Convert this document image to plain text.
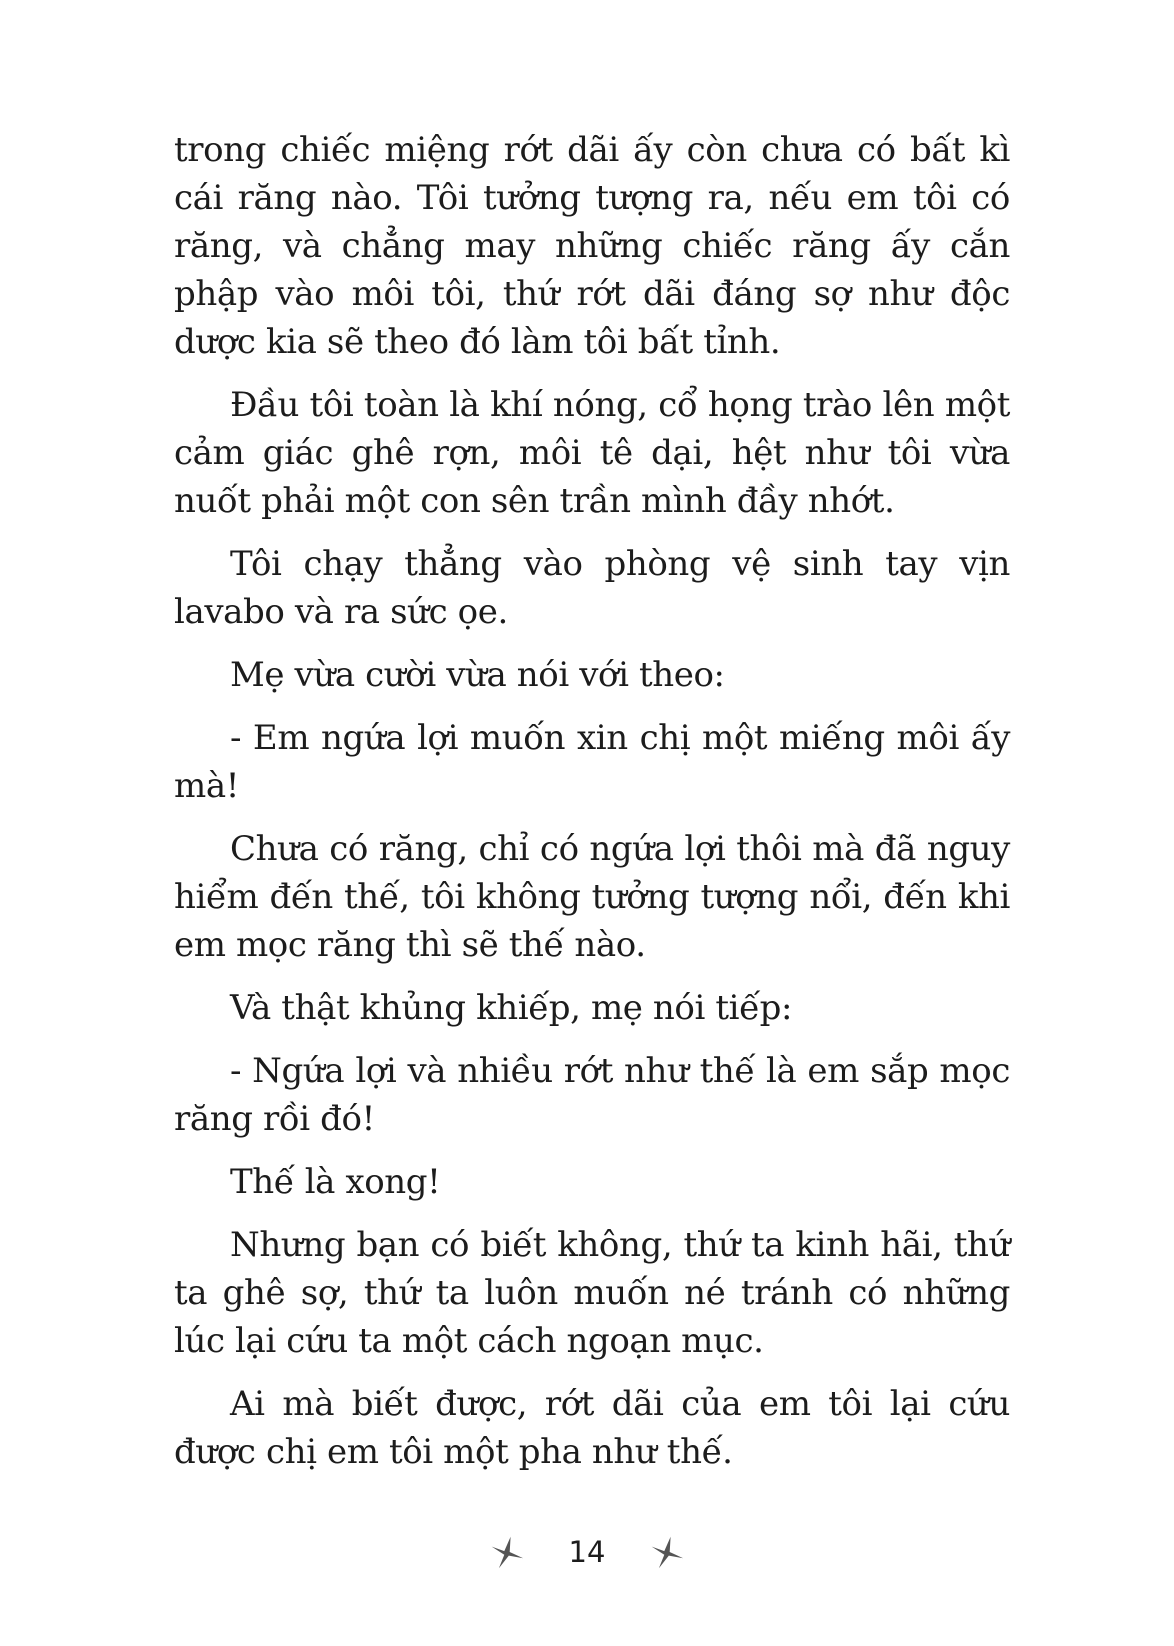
trong chiếc miệng rớt dãi ấy còn chưa có bất kì cái răng nào. Tôi tưởng tượng ra, nếu em tôi có răng, và chẳng may những chiếc răng ấy cắn phập vào môi tôi, thứ rớt dãi đáng sợ như độc dược kia sẽ theo đó làm tôi bất tỉnh.

Đầu tôi toàn là khí nóng, cổ họng trào lên một cảm giác ghê rợn, môi tê dại, hệt như tôi vừa nuốt phải một con sên trần mình đầy nhớt.

Tôi chạy thẳng vào phòng vệ sinh tay vịn lavabo và ra sức ọe.

Mẹ vừa cười vừa nói với theo:

- Em ngứa lợi muốn xin chị một miếng môi ấy mà!

Chưa có răng, chỉ có ngứa lợi thôi mà đã nguy hiểm đến thế, tôi không tưởng tượng nổi, đến khi em mọc răng thì sẽ thế nào.

Và thật khủng khiếp, mẹ nói tiếp:

- Ngứa lợi và nhiều rớt như thế là em sắp mọc răng rồi đó!

Thế là xong!

Nhưng bạn có biết không, thứ ta kinh hãi, thứ ta ghê sợ, thứ ta luôn muốn né tránh có những lúc lại cứu ta một cách ngoạn mục.

Ai mà biết được, rớt dãi của em tôi lại cứu được chị em tôi một pha như thế.

14
